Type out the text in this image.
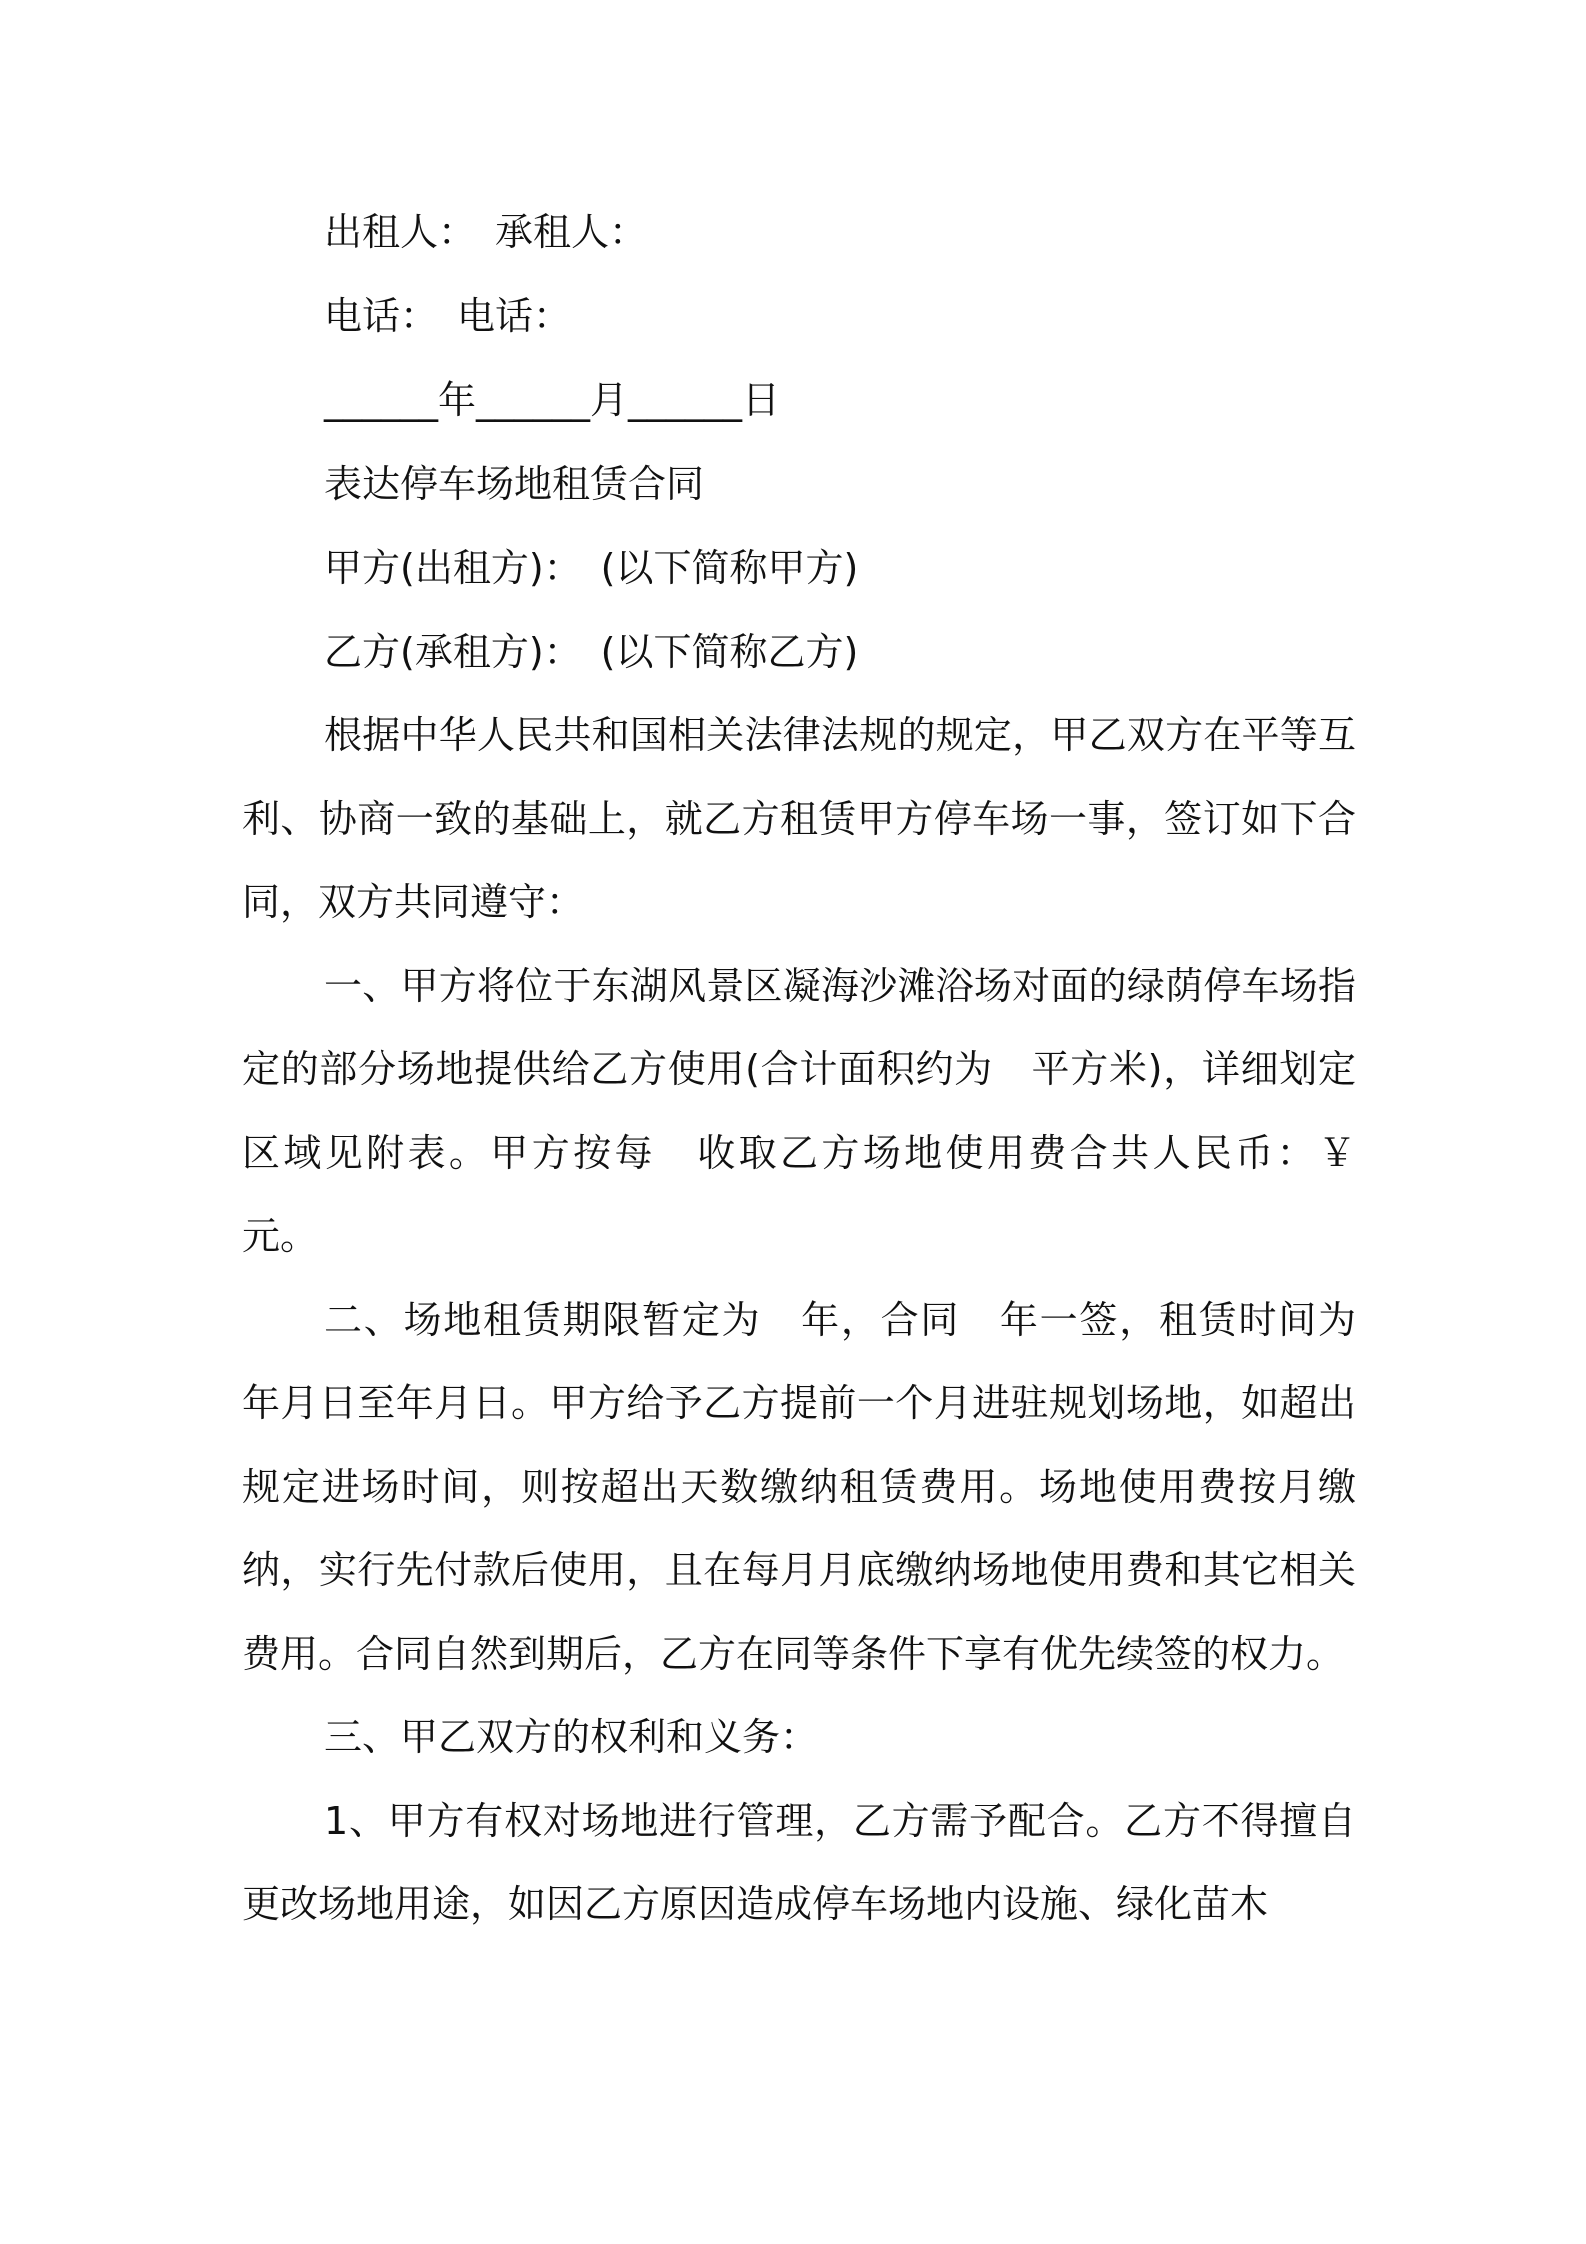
出租人：　承租人：
电话：　电话：
______年______月______日
表达停车场地租赁合同
甲方(出租方)：　(以下简称甲方)
乙方(承租方)：　(以下简称乙方)

根据中华人民共和国相关法律法规的规定，甲乙双方在平等互利、协商一致的基础上，就乙方租赁甲方停车场一事，签订如下合同，双方共同遵守：

一、甲方将位于东湖风景区凝海沙滩浴场对面的绿荫停车场指定的部分场地提供给乙方使用(合计面积约为　平方米)，详细划定区域见附表。甲方按每　收取乙方场地使用费合共人民币：￥　元。

二、场地租赁期限暂定为　年，合同　年一签，租赁时间为　年月日至年月日。甲方给予乙方提前一个月进驻规划场地，如超出规定进场时间，则按超出天数缴纳租赁费用。场地使用费按月缴纳，实行先付款后使用，且在每月月底缴纳场地使用费和其它相关费用。合同自然到期后，乙方在同等条件下享有优先续签的权力。

三、甲乙双方的权利和义务：

1、甲方有权对场地进行管理，乙方需予配合。乙方不得擅自更改场地用途，如因乙方原因造成停车场地内设施、绿化苗木
